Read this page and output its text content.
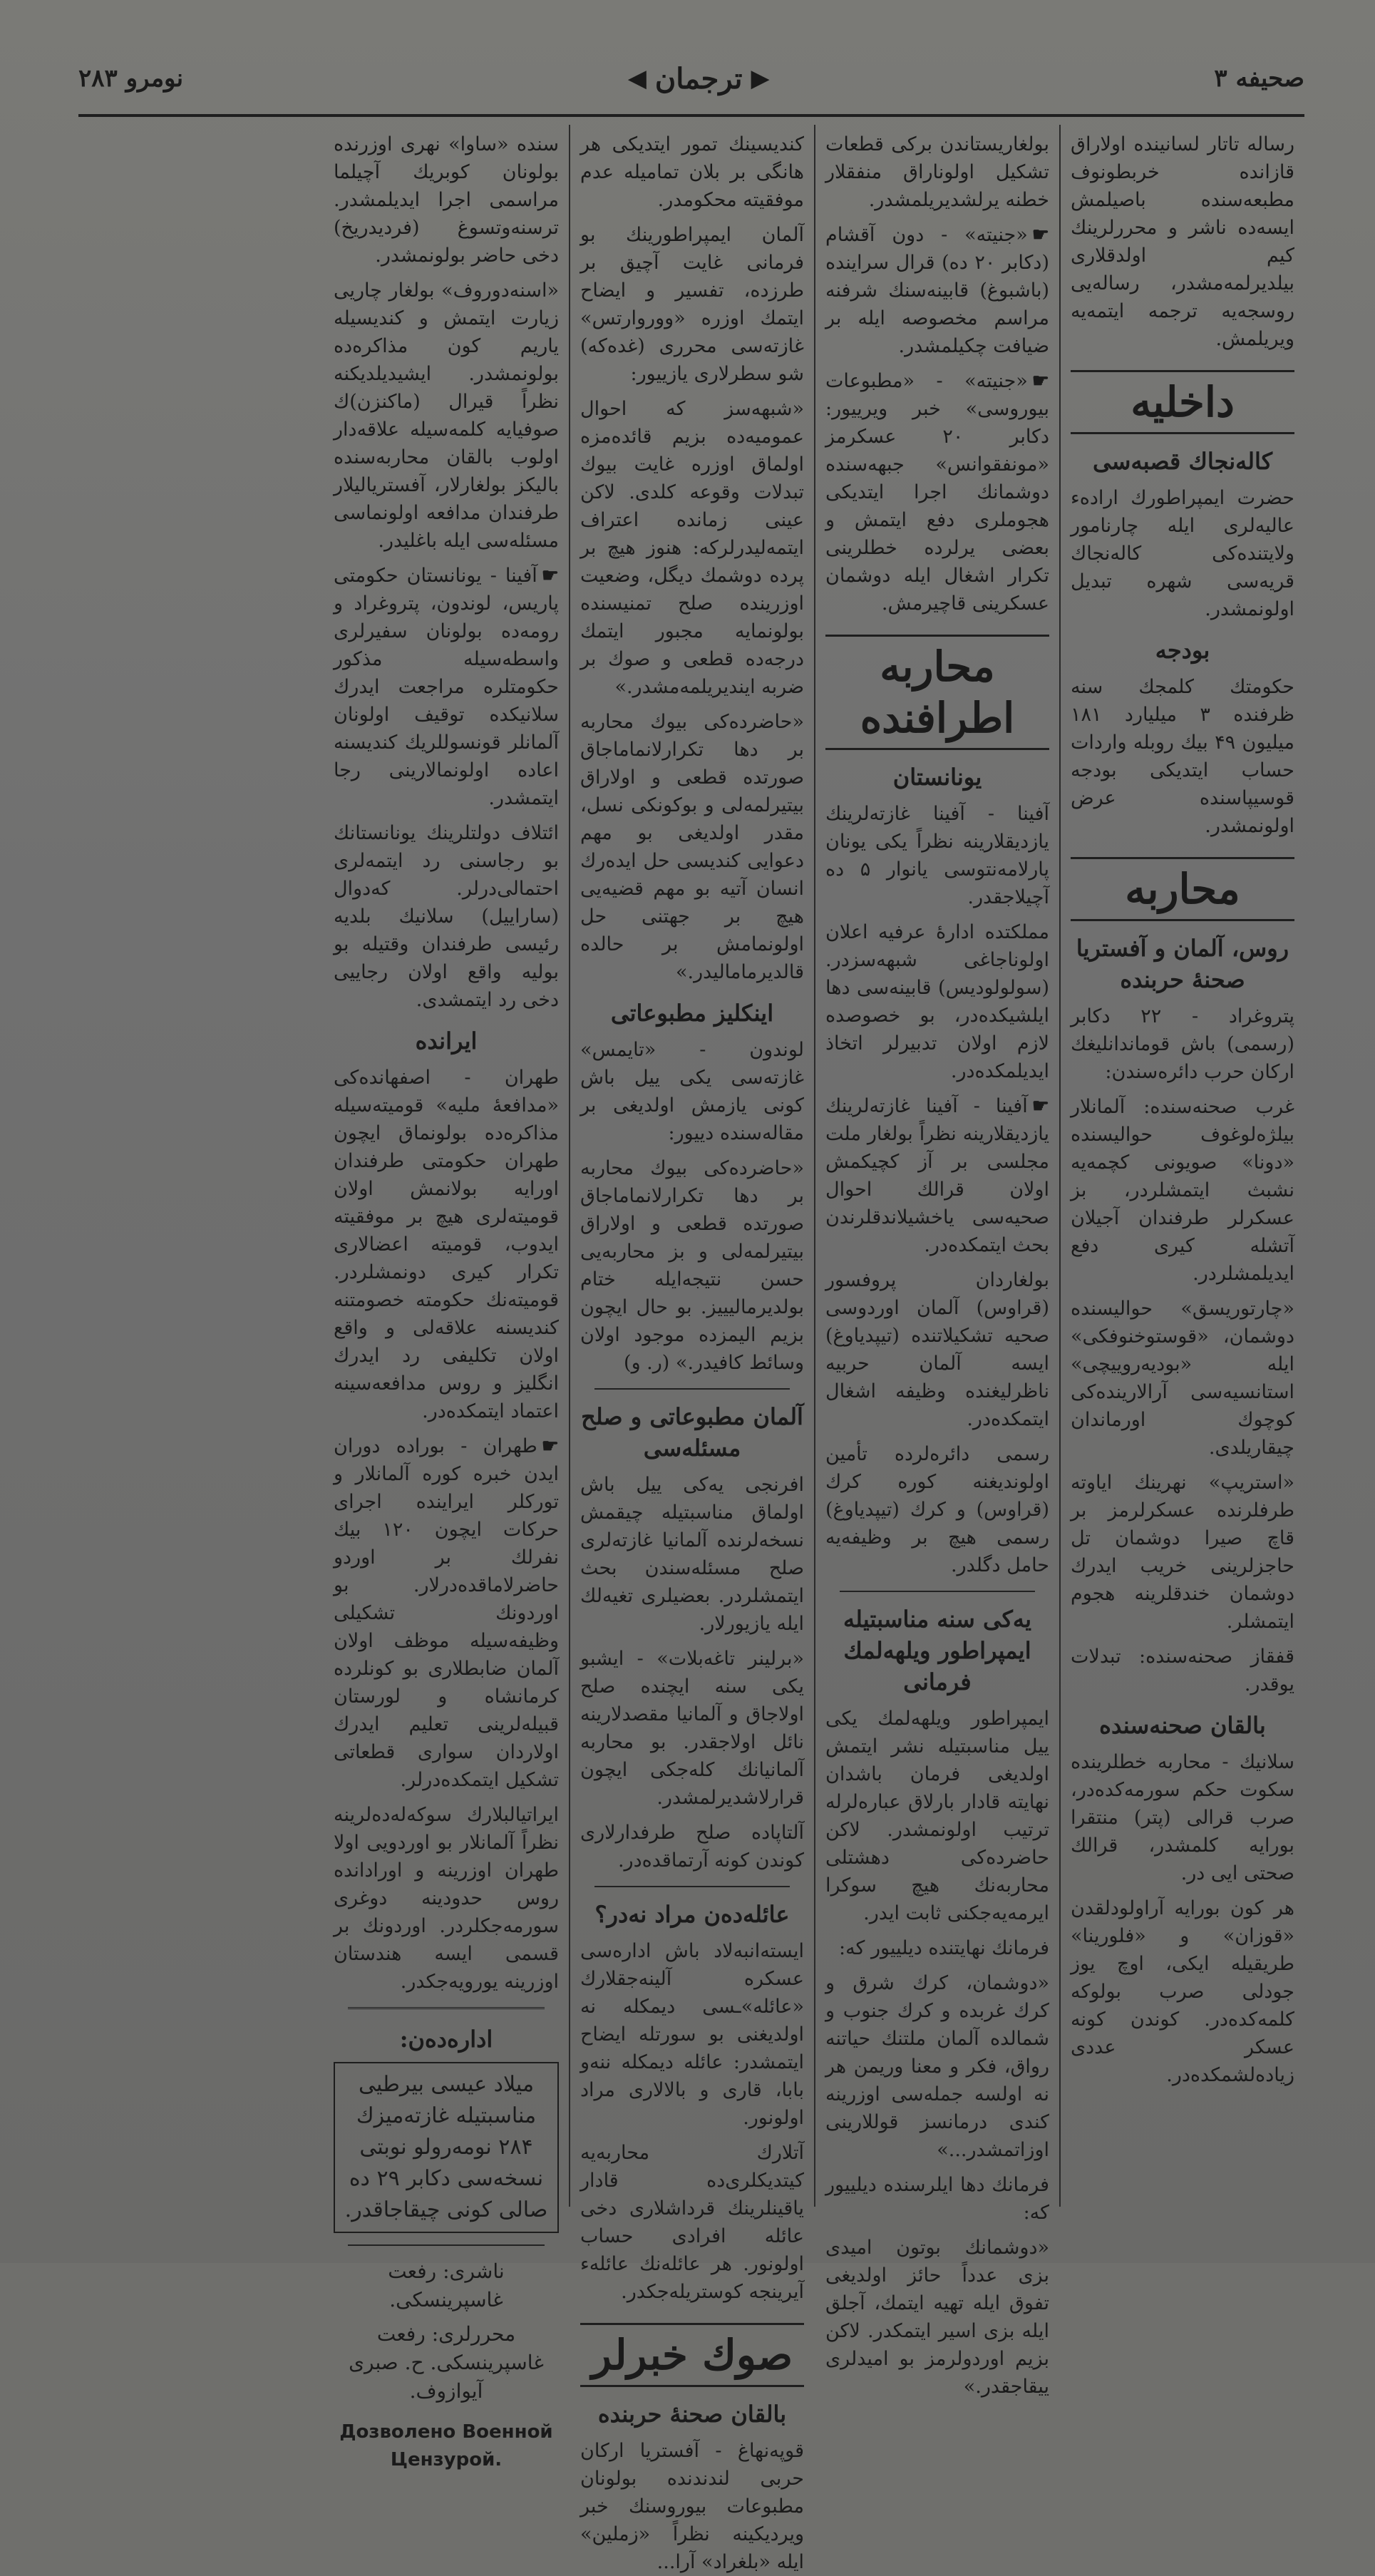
نومرو ۲۸۳	◀ ترجمان ▶	صحیفه ۳

رساله تاتار لسانینده اولاراق قازانده خربطونوف مطبعه‌سنده باصیلمش ایسه‌ده ناشر و محررلرینك كیم اولدقلاری بیلدیرلمه‌مشدر، رساله‌یی روسجه‌یه ترجمه ایتمه‌یه ویریلمش.

داخلیه
كاله‌نجاك قصبه‌سی

حضرت ایمپراطورك اراده‌ء عالیه‌لری ایله چارنامور ولایتنده‌كی كاله‌نجاك قریه‌سی شهره تبدیل اولونمشدر.

بودجه

حكومتك كلمجك سنه ظرفنده ۳ میلیارد ۱۸۱ میلیون ۴۹ بیك روبله واردات حساب ایتدیكی بودجه قوسیپاسنده عرض اولونمشدر.

محاربه
روس، آلمان و آفستریا صحنهٔ حربنده

پترو‌غراد - ۲۲ دكابر (رسمی) باش قوماندانلیغك اركان حرب دائره‌سندن:

غرب صحنه‌سنده: آلمانلار بیلژه‌لوغوف حوالیسنده «دونا» صویونی كچمه‌یه نشبث ایتمشلردر، بز عسكرلر طرفندان آجیلان آتشله كیری دفع ایدیلمشلردر.

«چارتوریسق» حوالیسنده دوشمان، «قوستوخنوفكی» ایله «بودیه‌روییچی» استانسیه‌سی آرالارینده‌كی كوچوك اورماندان چیقاریلدی.

«استریپ» نهرینك ایاوته طرفلرنده عسكرلرمز بر قاچ صیرا دوشمان تل حاجزلرینی خریب ایدرك دوشمان خندقلرینه هجوم ایتمشلر.

قفقاز صحنه‌سنده: تبدلات یوقدر.

بالقان صحنه‌سنده

سلانیك - محاربه خطلرینده سكوت حكم سورمه‌كده‌در، صرب قرالی (پتر) منتقرا بورایه كلمشدر، قرالك صحتی ایی در.

هر كون بورایه آراولودلقدن «قوزان» و «فلورینا» طریقیله ایكی، اوچ یوز جودلی صرب بولوكه كلمه‌كده‌در. كوندن كونه عسكر عددی زیاده‌لشمكده‌در.

بولغاریستاندن بركی قطعات تشكیل اولوناراق منفقلار خطنه یرلشدیریلمشدر.

☛«جنیته» - دون آقشام (دكابر ۲۰ ده) قرال سراینده (باشبوغ) قابینه‌سنك شرفنه مراسم مخصوصه ایله بر ضیافت چكیلمشدر.

☛«جنیته» - «مطبوعات بیوروسی» خبر ویرییور: دكابر ۲۰ عسكرمز «مونفقوانس» جبهه‌سنده دوشمانك اجرا ایتدیكی هجوملری دفع ایتمش و بعضی یرلرده خطلرینی تكرار اشغال ایله دوشمان عسكرینی قاچیرمش.

محاربه اطرافنده
یونانستان

آفینا - آفینا غازته‌لرینك یازدیقلارینه نظراً یكی یونان پارلامه‌نتوسی یانوار ۵ ده آچیلاجقدر.

مملكتده ادارهٔ عرفیه اعلان اولوناجاغی شبهه‌سزدر. (سولولودیس) قابینه‌سی دها ایلشیكده‌در، بو خصوصده لازم اولان تدبیرلر اتخاذ ایدیلمكده‌در.

☛آفینا - آفینا غازته‌لرینك یازدیقلارینه نظراً بولغار ملت مجلسی بر آز كچیكمش اولان قرالك احوال صحیه‌سی یاخشیلاندقلرندن بحث ایتمكده‌در.

بولغاردان پروفسور (قراوس) آلمان اوردوسی صحیه تشكیلاتنده (تیپدیاوغ) ایسه آلمان حربیه ناظرلیغنده وظیفه اشغال ایتمكده‌در.

رسمی دائره‌لرده تأمین اولوندیغنه كوره كرك (قراوس) و كرك (تیپدیاوغ) رسمی هیچ بر وظیفه‌یه حامل دگلدر.

یه‌كی سنه مناسبتیله ایمپراطور ویلهه‌لمك فرمانی

ایمپراطور ویلهه‌لمك یكی ییل مناسبتیله نشر ایتمش اولدیغی فرمان باشدان نهایته قادار بارلاق عباره‌لرله ترتیب اولونمشدر. لاكن حاضرده‌كی دهشتلی محاربه‌نك هیچ سوكرا ایرمه‌یه‌جكنی ثابت ایدر.

فرمانك نهایتنده دیلییور كه:

«دوشمان، كرك شرق و كرك غربده و كرك جنوب و شمالده آلمان ملتنك حیاتنه رواق، فكر و معنا وریمن هر نه اولسه جمله‌سی اوزرینه كندی درمانسز قوللارینی اوزاتمشدر...»

فرمانك دها ایلرسنده دیلییور كه:

«دوشمانك بوتون امیدی بزی عدداً حائز اولدیغی تفوق ایله تهیه ایتمك، آجلق ایله بزی اسیر ایتمكدر. لاكن بزیم اوردولرمز بو امیدلری ییقاجقدر.»

كندیسینك تمور ایتدیكی هر هانگی بر بلان تمامیله عدم موفقیته محكومدر.

آلمان ایمپراطورینك بو فرمانی غایت آچیق بر طرزده، تفسیر و ایضاح ایتمك اوزره «ووروارتس» غازته‌سی محرری (غده‌كه) شو سطرلاری یازییور:

«شبهه‌سز كه احوال عمومیه‌ده بزیم قائده‌مزه اولماق اوزره غایت بیوك تبدلات وقوعه كلدی. لاكن عینی زمانده اعتراف ایتمه‌لیدرلركه: هنوز هیچ بر پرده دوشمك دیگل، وضعیت اوزرینده صلح تمنیسنده بولونمایه مجبور ایتمك درجه‌ده قطعی و صوك بر ضربه ایندیریلمه‌مشدر.»

«حاضرده‌كی بیوك محاربه بر دها تكرارلانماماجاق صورتده قطعی و اولاراق بیتیرلمه‌لی و بوكونكی نسل، مقدر اولدیغی بو مهم دعوایی كندیسی حل ایده‌رك انسان آتیه بو مهم قضیه‌یی هیچ بر جهتنی حل اولونمامش بر حالده قالدیرمامالیدر.»

اینكلیز مطبوعاتی

لوندون - «تایمس» غازته‌سی یكی ییل باش كونی یازمش اولدیغی بر مقاله‌سنده دییور:

«حاضرده‌كی بیوك محاربه بر دها تكرارلانماماجاق صورتده قطعی و اولاراق بیتیرلمه‌لی و بز محاربه‌یی حسن نتیجه‌ایله ختام بولدیرمالیییز. بو حال ایچون بزیم الیمزده موجود اولان وسائط كافیدر.» (ر. و)

آلمان مطبوعاتی و صلح مسئله‌سی

افرنجی یه‌كی ییل باش اولماق مناسبتیله چیقمش نسخه‌لرنده آلمانیا غازته‌لری صلح مسئله‌سندن بحث ایتمشلردر. بعضیلری تغیه‌لك ایله یازیورلار.

«برلینر تاغه‌بلات» - ایشبو یكی سنه ایچنده صلح اولاجاق و آلمانیا مقصدلارینه نائل اولاجقدر. بو محاربه آلمانیانك كله‌جكی ایچون قرارلاشدیرلمشدر.

آلتاپاده صلح طرفدارلاری كوندن كونه آرتماقده‌در.

عائله‌ده‌ن مراد نه‌در؟

ایسته‌انبه‌لاد باش اداره‌سی عسكره آلینه‌جقلارك «عائله»ـسی دیمكله نه اولدیغنی بو سورتله ایضاح ایتمشدر: عائله دیمكله ننه‌و بابا، قاری و بالالاری مراد اولونور.

آتلارك محاربه‌یه كیتدیكلری‌ده قادار یاقینلرینك قرداشلاری دخی عائله افرادی حساب اولونور. هر عائله‌نك عائله‌ء آیرینجه كوستریله‌جكدر.

صوك خبرلر
بالقان صحنهٔ حربنده

قوپه‌نهاغ - آفستریا اركان حربی لندندنده بولونان مطبوعات بیوروسنك خبر ویردیكینه نظراً «زملین» ایله «بلغراد» آرا...

سنده «ساوا» نهری اوزرنده بولونان كوبریك آچیلما مراسمی اجرا ایدیلمشدر. ترسنه‌وتسوغ (فردیدریخ) دخی حاضر بولونمشدر.

«اسنه‌دوروف» بولغار چاریی زیارت ایتمش و كندیسیله یاریم كون مذاكره‌ده بولونمشدر. ایشیدیلدیكنه نظراً قیرال (ماكنزن)ك صوفیایه كلمه‌سیله علاقه‌دار اولوب بالقان محاربه‌سنده بالیكز بولغارلار، آفستریالیلار طرفندان مدافعه اولونماسی مسئله‌سی ایله باغلیدر.

☛آفینا - یونانستان حكومتی پاریس، لوندون، پتروغراد و رومه‌ده بولونان سفیرلری واسطه‌سیله مذكور حكومتلره مراجعت ایدرك سلانیكده توقیف اولونان آلمانلر قونسوللریك كندیسنه اعاده اولونمالارینی رجا ایتمشدر.

ائتلاف دولتلرینك یونانستانك بو رجاسنی رد ایتمه‌لری احتمالی‌درلر. كه‌دوال (ساراییل) سلانیك بلدیه رئیسی طرفندان وقتیله بو بولیه واقع اولان رجاییی دخی رد ایتمشدی.

ایرانده

طهران - اصفهانده‌كی «مدافعهٔ ملیه» قومیته‌سیله مذاكره‌ده بولونماق ایچون طهران حكومتی طرفندان اورایه بولانمش اولان قومیته‌لری هیچ بر موفقیته ایدوب، قومیته اعضالاری تكرار كیری دونمشلردر. قومیته‌نك حكومته خصومتنه كندیسنه علاقه‌لی و واقع اولان تكلیفی رد ایدرك انگلیز و روس مدافعه‌سینه اعتماد ایتمكده‌در.

☛طهران - بوراده دوران ایدن خبره كوره آلمانلار و توركلر ایراینده اجرای حركات ایچون ۱۲۰ بیك نفرلك بر اوردو حاضرلاماقده‌درلار. بو اوردونك تشكیلی وظیفه‌سیله موظف اولان آلمان ضابطلاری بو كونلرده كرمانشاه و لورستان قبیله‌لرینی تعلیم ایدرك اولاردان سواری قطعاتی تشكیل ایتمكده‌درلر.

ایراتیالبلارك سوكه‌له‌ده‌لرینه نظراً آلمانلار بو اوردویی اولا طهران اوزرینه و اورادانده روس حدودینه دوغری سورمه‌جكلردر. اوردونك بر قسمی ایسه هندستان اوزرینه یورویه‌جكدر.

اداره‌ده‌ن:
میلاد عیسی بیرطیی مناسبتیله غازته‌میزك ۲۸۴ نومه‌رولو نوبتی نسخه‌سی دكابر ۲۹ ده صالی كونی چیقاجاقدر.
ناشری: رفعت غاسپرینسكی.
محررلری: رفعت غاسپرینسكی. ح. صبری آیوازوف.
Дозволено Военной Цензурой.
